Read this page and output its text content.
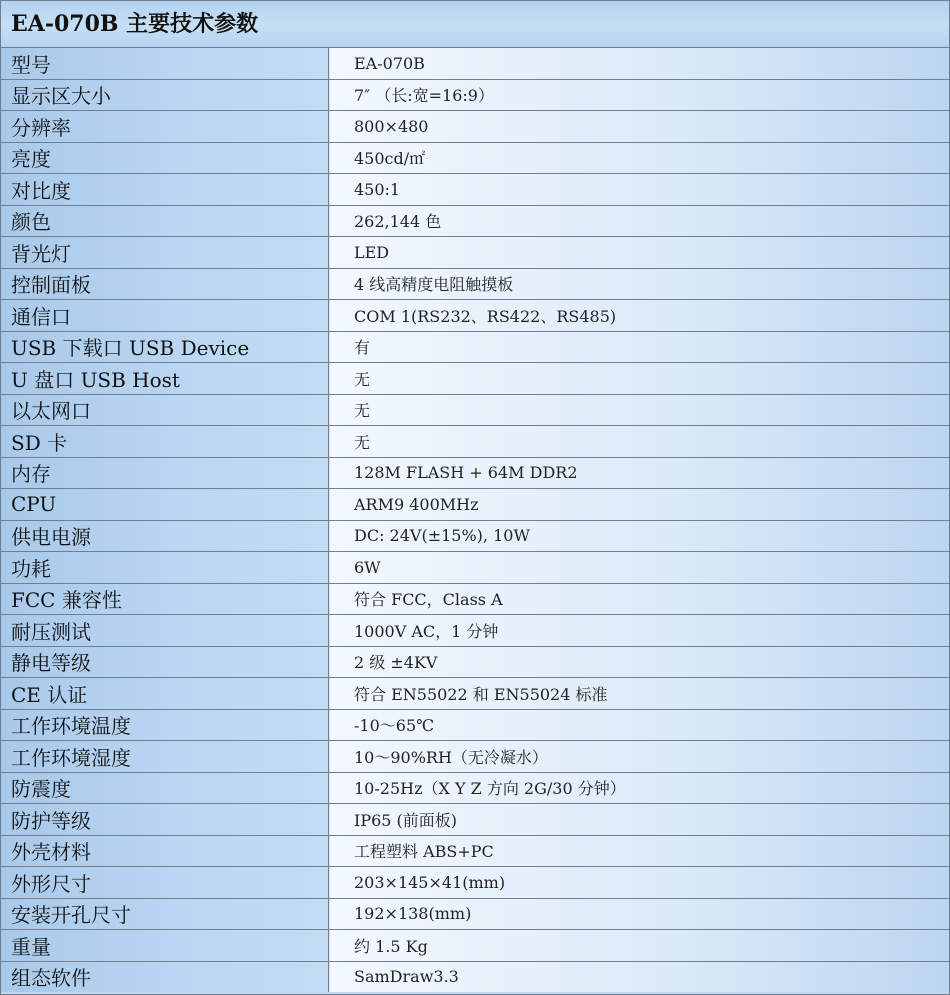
EA-070B 主要技术参数
型号	EA-070B
显示区大小	7″ （长:宽=16:9）
分辨率	800×480
亮度	450cd/㎡
对比度	450:1
颜色	262,144 色
背光灯	LED
控制面板	4 线高精度电阻触摸板
通信口	COM 1(RS232、RS422、RS485)
USB 下载口 USB Device	有
U 盘口 USB Host	无
以太网口	无
SD 卡	无
内存	128M FLASH + 64M DDR2
CPU	ARM9 400MHz
供电电源	DC: 24V(±15%), 10W
功耗	6W
FCC 兼容性	符合 FCC，Class A
耐压测试	1000V AC，1 分钟
静电等级	2 级 ±4KV
CE 认证	符合 EN55022 和 EN55024 标准
工作环境温度	-10～65℃
工作环境湿度	10～90%RH（无冷凝水）
防震度	10-25Hz（X Y Z 方向 2G/30 分钟）
防护等级	IP65 (前面板)
外壳材料	工程塑料 ABS+PC
外形尺寸	203×145×41(mm)
安装开孔尺寸	192×138(mm)
重量	约 1.5 Kg
组态软件	SamDraw3.3
